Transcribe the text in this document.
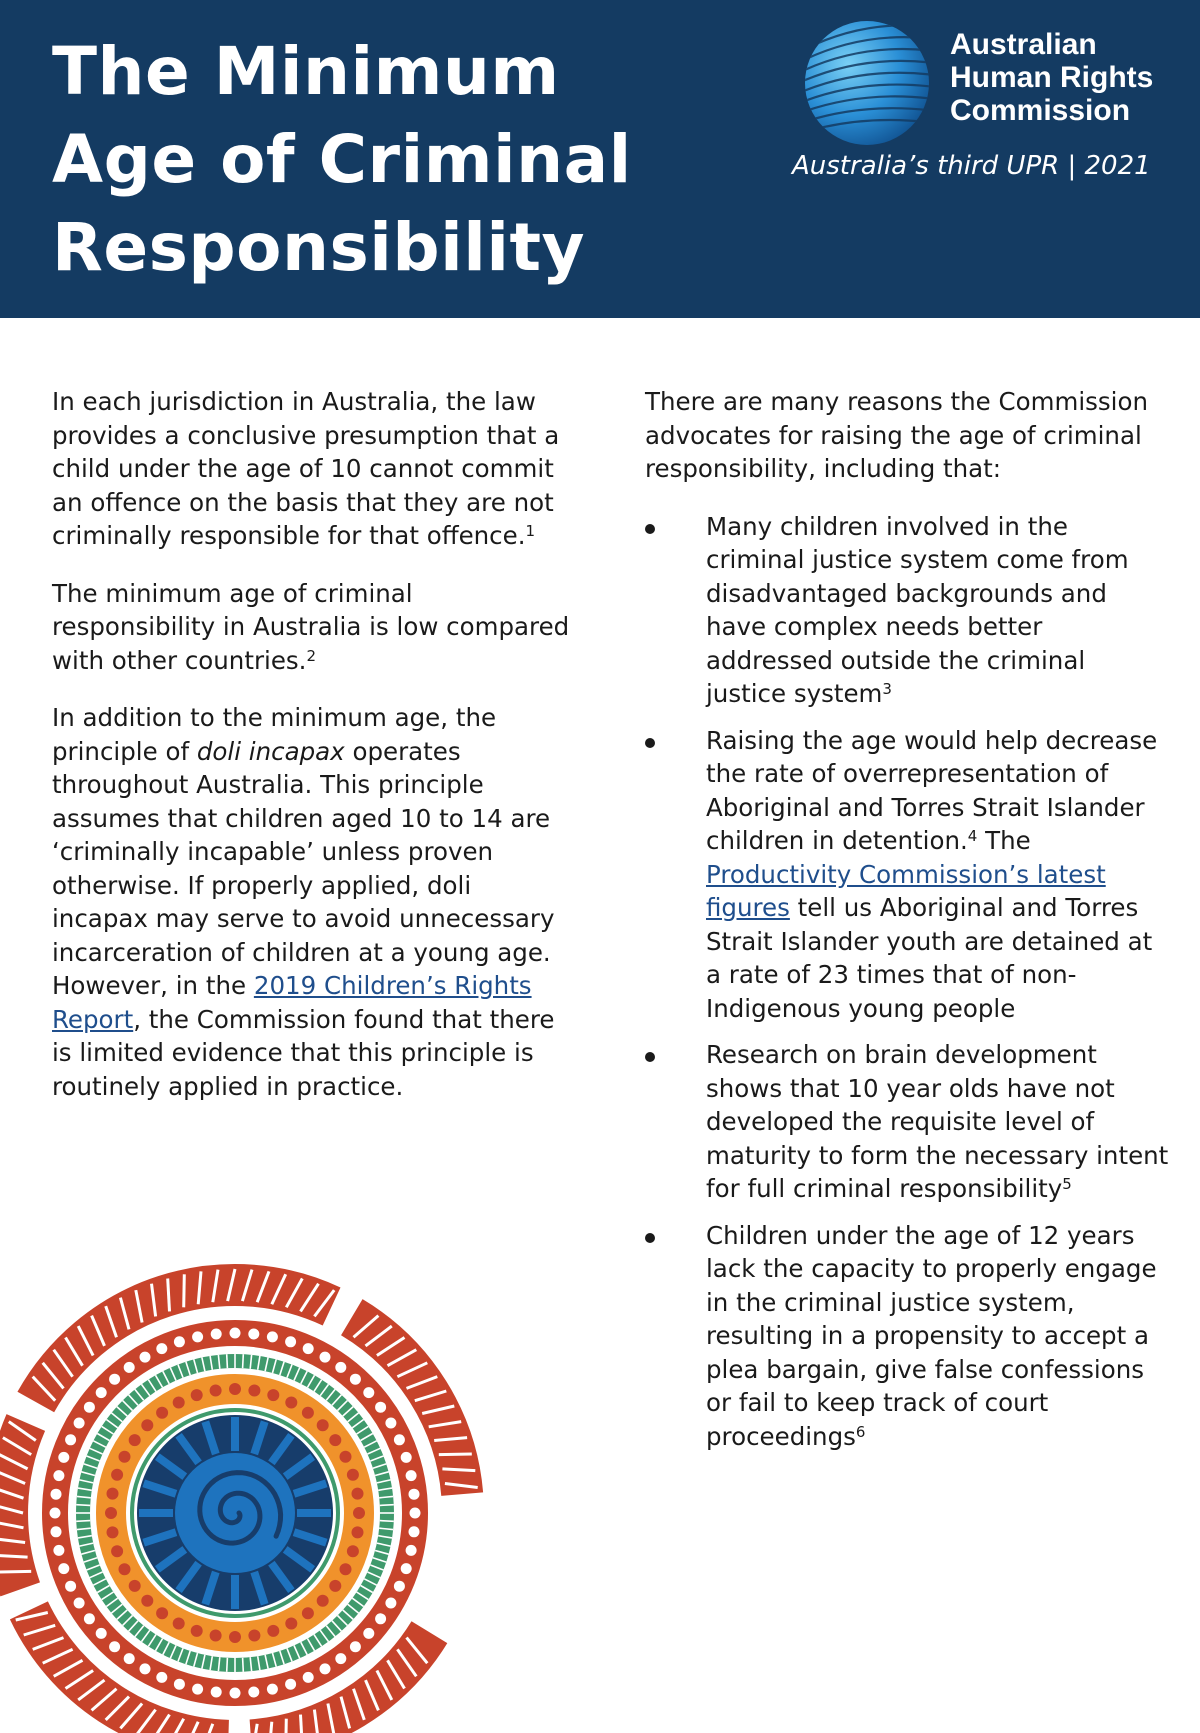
The Minimum
Age of Criminal
Responsibility
Australian
Human Rights
Commission
Australia’s third UPR | 2021

In each jurisdiction in Australia, the law provides a conclusive presumption that a child under the age of 10 cannot commit an offence on the basis that they are not criminally responsible for that offence.$^1$

The minimum age of criminal responsibility in Australia is low compared with other countries.$^2$

In addition to the minimum age, the principle of doli incapax operates throughout Australia. This principle assumes that children aged 10 to 14 are ‘criminally incapable’ unless proven otherwise. If properly applied, doli incapax may serve to avoid unnecessary incarceration of children at a young age. However, in the 2019 Children’s Rights Report, the Commission found that there is limited evidence that this principle is routinely applied in practice.

There are many reasons the Commission advocates for raising the age of criminal responsibility, including that:

Many children involved in the criminal justice system come from disadvantaged backgrounds and have complex needs better addressed outside the criminal justice system$^3$
Raising the age would help decrease the rate of overrepresentation of Aboriginal and Torres Strait Islander children in detention.$^4$ The Productivity Commission’s latest figures tell us Aboriginal and Torres Strait Islander youth are detained at a rate of 23 times that of non-Indigenous young people
Research on brain development shows that 10 year olds have not developed the requisite level of maturity to form the necessary intent for full criminal responsibility$^5$
Children under the age of 12 years lack the capacity to properly engage in the criminal justice system, resulting in a propensity to accept a plea bargain, give false confessions or fail to keep track of court proceedings$^6$
